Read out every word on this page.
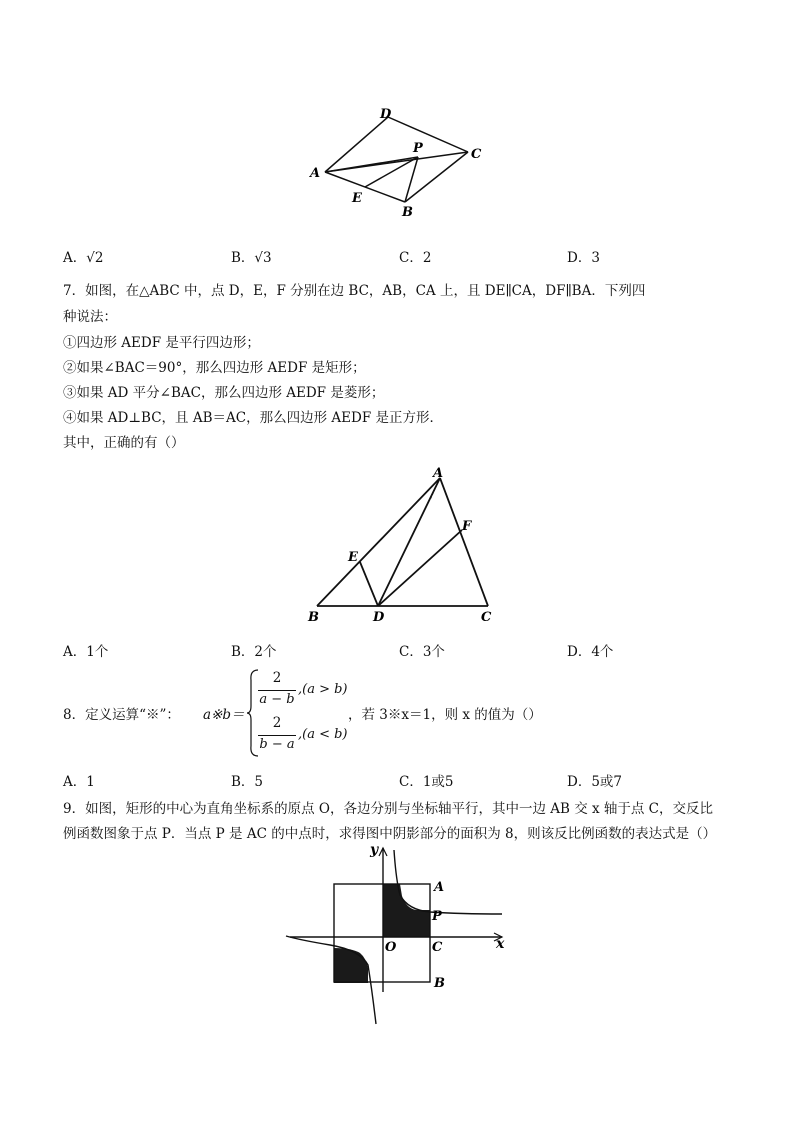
D
A
P	C
E
B
A．√2	B．√3	C．2	D．3
7．如图，在△ABC 中，点 D，E，F 分别在边 BC，AB，CA 上，且 DE∥CA，DF∥BA．下列四
种说法：
①四边形 AEDF 是平行四边形；
②如果∠BAC＝90°，那么四边形 AEDF 是矩形；
③如果 AD 平分∠BAC，那么四边形 AEDF 是菱形；
④如果 AD⊥BC，且 AB＝AC，那么四边形 AEDF 是正方形．
其中，正确的有（）
A
F
E
B	D	C
A．1个	B．2个	C．3个	D．4个
8．定义运算“※”： a※b＝
2
a − b
,(a > b)
2
b − a
,(a < b)
，若 3※x＝1，则 x 的值为（）
A．1	B．5	C．1或5	D．5或7
9．如图，矩形的中心为直角坐标系的原点 O，各边分别与坐标轴平行，其中一边 AB 交 x 轴于点 C，交反比
例函数图象于点 P．当点 P 是 AC 的中点时，求得图中阴影部分的面积为 8，则该反比例函数的表达式是（）
y
A
P
O	C	x
B
